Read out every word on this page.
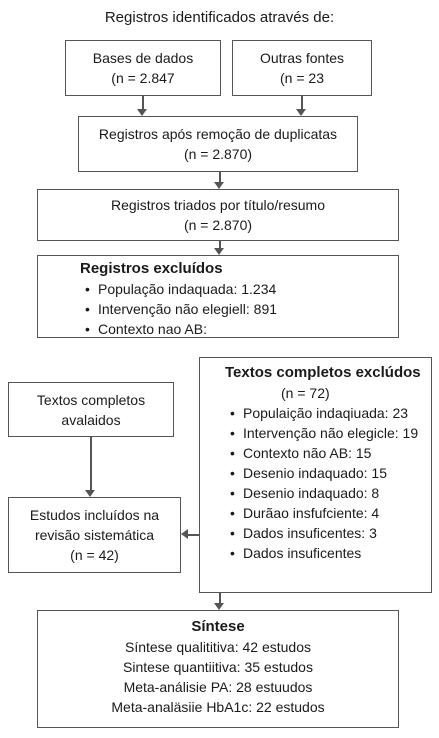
Registros identificados através de:
Bases de dados
(n = 2.847
Outras fontes
(n = 23
Registros após remoção de duplicatas
(n = 2.870)
Registros triados por título/resumo
(n = 2.870)
Registros excluídos
• População indaquada: 1.234
• Intervenção não elegiell: 891
• Contexto nao AB:
Textos completos avalaidos
Estudos incluídos na
revisão sistemática
(n = 42)
Textos completos exclúdos
(n = 72)
• Populaição indaqiuada: 23
• Intervenção não elegicle: 19
• Contexto não AB: 15
• Desenio indaquado: 15
• Desenio indaquado: 8
• Durãao insfufciente: 4
• Dados insuficentes: 3
• Dados insuficentes
Síntese
Síntese qualititiva: 42 estudos
Sintese quantiitiva: 35 estudos
Meta-análisie PA: 28 estuudos
Meta-analäsiie HbA1c: 22 estudos
